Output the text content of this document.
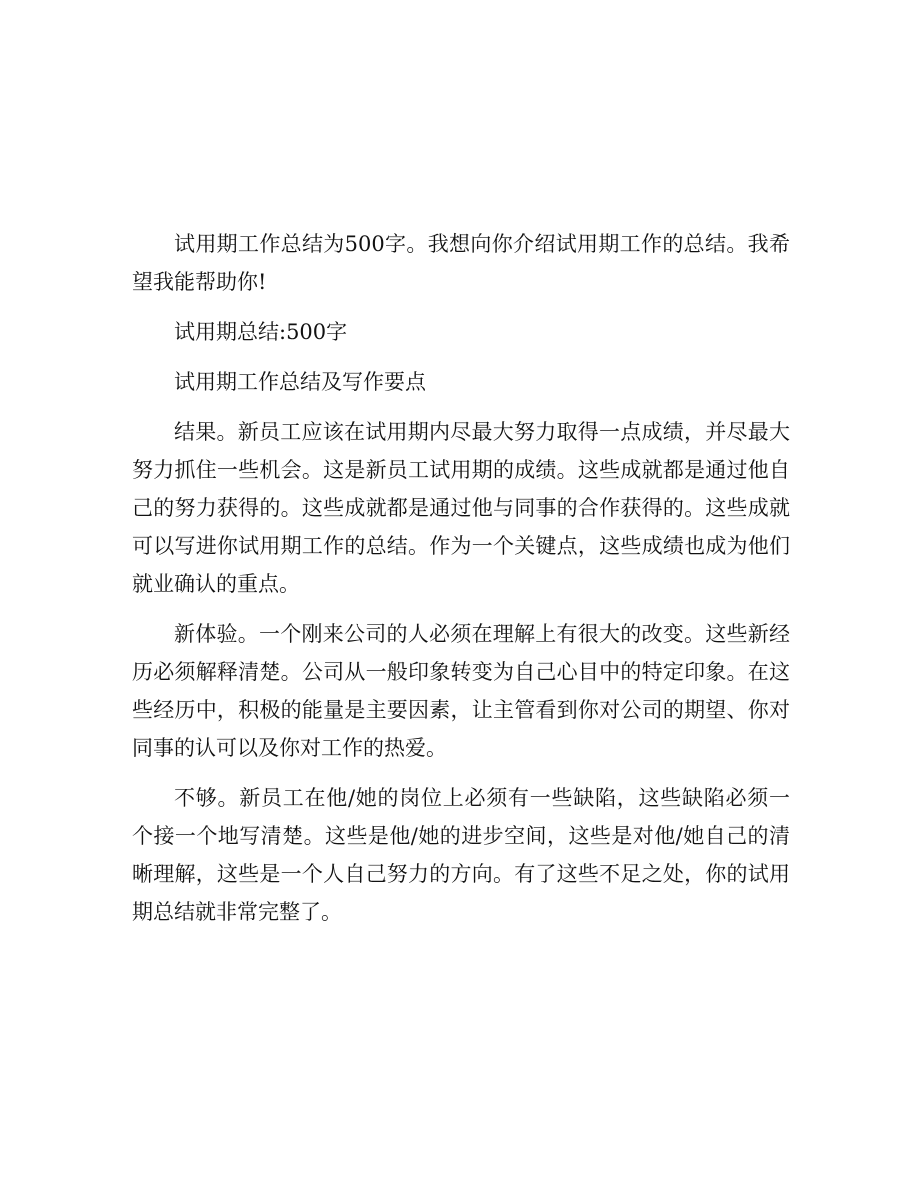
试用期工作总结为500字。我想向你介绍试用期工作的总结。我希望我能帮助你!

试用期总结:500字

试用期工作总结及写作要点

结果。新员工应该在试用期内尽最大努力取得一点成绩，并尽最大努力抓住一些机会。这是新员工试用期的成绩。这些成就都是通过他自己的努力获得的。这些成就都是通过他与同事的合作获得的。这些成就可以写进你试用期工作的总结。作为一个关键点，这些成绩也成为他们就业确认的重点。

新体验。一个刚来公司的人必须在理解上有很大的改变。这些新经历必须解释清楚。公司从一般印象转变为自己心目中的特定印象。在这些经历中，积极的能量是主要因素，让主管看到你对公司的期望、你对同事的认可以及你对工作的热爱。

不够。新员工在他/她的岗位上必须有一些缺陷，这些缺陷必须一个接一个地写清楚。这些是他/她的进步空间，这些是对他/她自己的清晰理解，这些是一个人自己努力的方向。有了这些不足之处，你的试用期总结就非常完整了。
